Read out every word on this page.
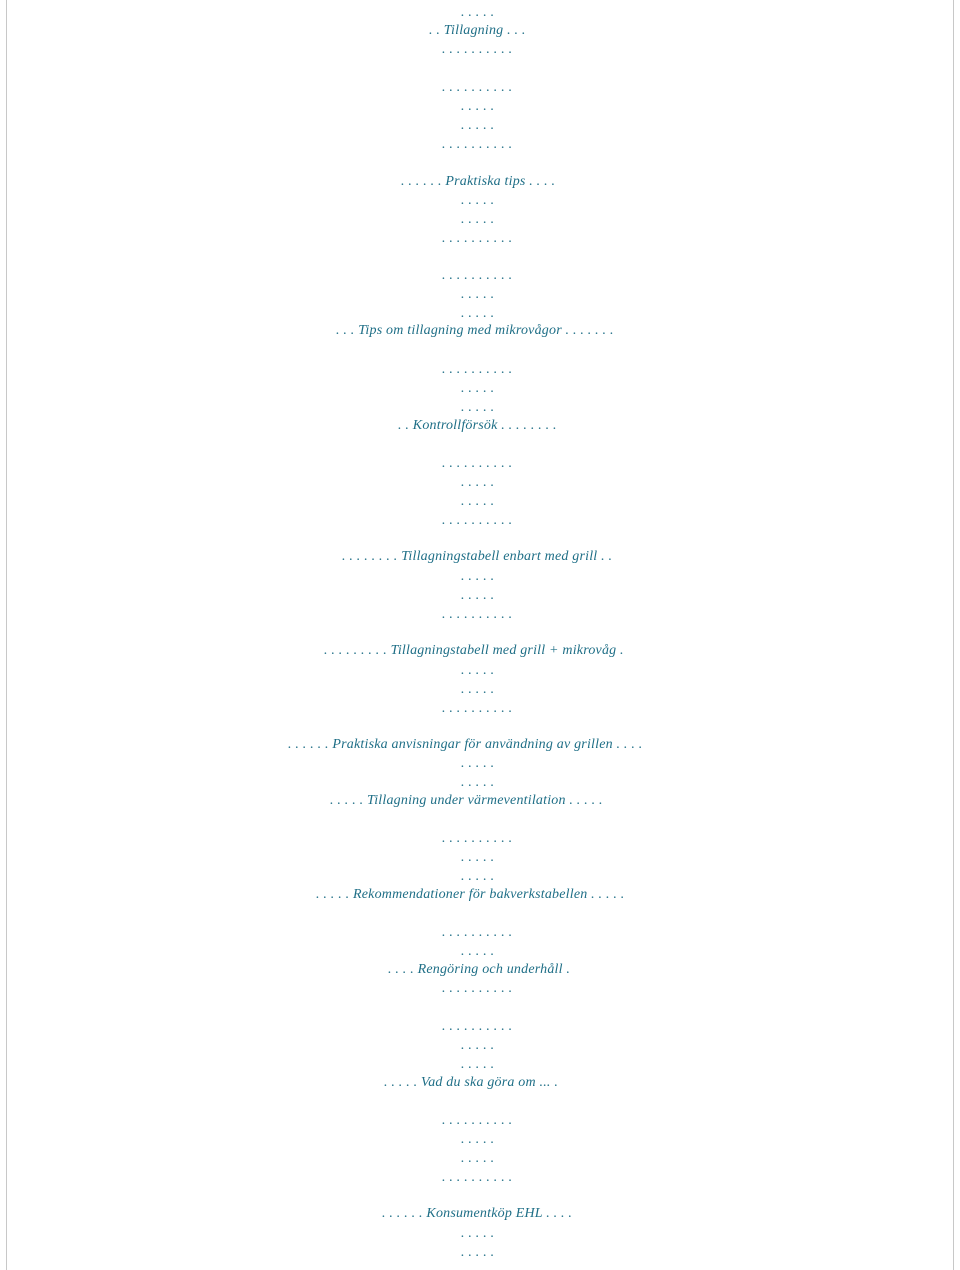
. . . . .
. . Tillagning . . .
. . . . . . . . . .
. . . . . . . . . .
. . . . .
. . . . .
. . . . . . . . . .
. . . . . . Praktiska tips . . . .
. . . . .
. . . . .
. . . . . . . . . .
. . . . . . . . . .
. . . . .
. . . . .
. . . Tips om tillagning med mikrovågor . . . . . . .
. . . . . . . . . .
. . . . .
. . . . .
. . Kontrollförsök . . . . . . . .
. . . . . . . . . .
. . . . .
. . . . .
. . . . . . . . . .
. . . . . . . . Tillagningstabell enbart med grill . .
. . . . .
. . . . .
. . . . . . . . . .
. . . . . . . . . Tillagningstabell med grill + mikrovåg .
. . . . .
. . . . .
. . . . . . . . . .
. . . . . . Praktiska anvisningar för användning av grillen . . . .
. . . . .
. . . . .
. . . . . Tillagning under värmeventilation . . . . .
. . . . . . . . . .
. . . . .
. . . . .
. . . . . Rekommendationer för bakverkstabellen . . . . .
. . . . . . . . . .
. . . . .
. . . . Rengöring och underhåll .
. . . . . . . . . .
. . . . . . . . . .
. . . . .
. . . . .
. . . . . Vad du ska göra om ... .
. . . . . . . . . .
. . . . .
. . . . .
. . . . . . . . . .
. . . . . . Konsumentköp EHL . . . .
. . . . .
. . . . .
